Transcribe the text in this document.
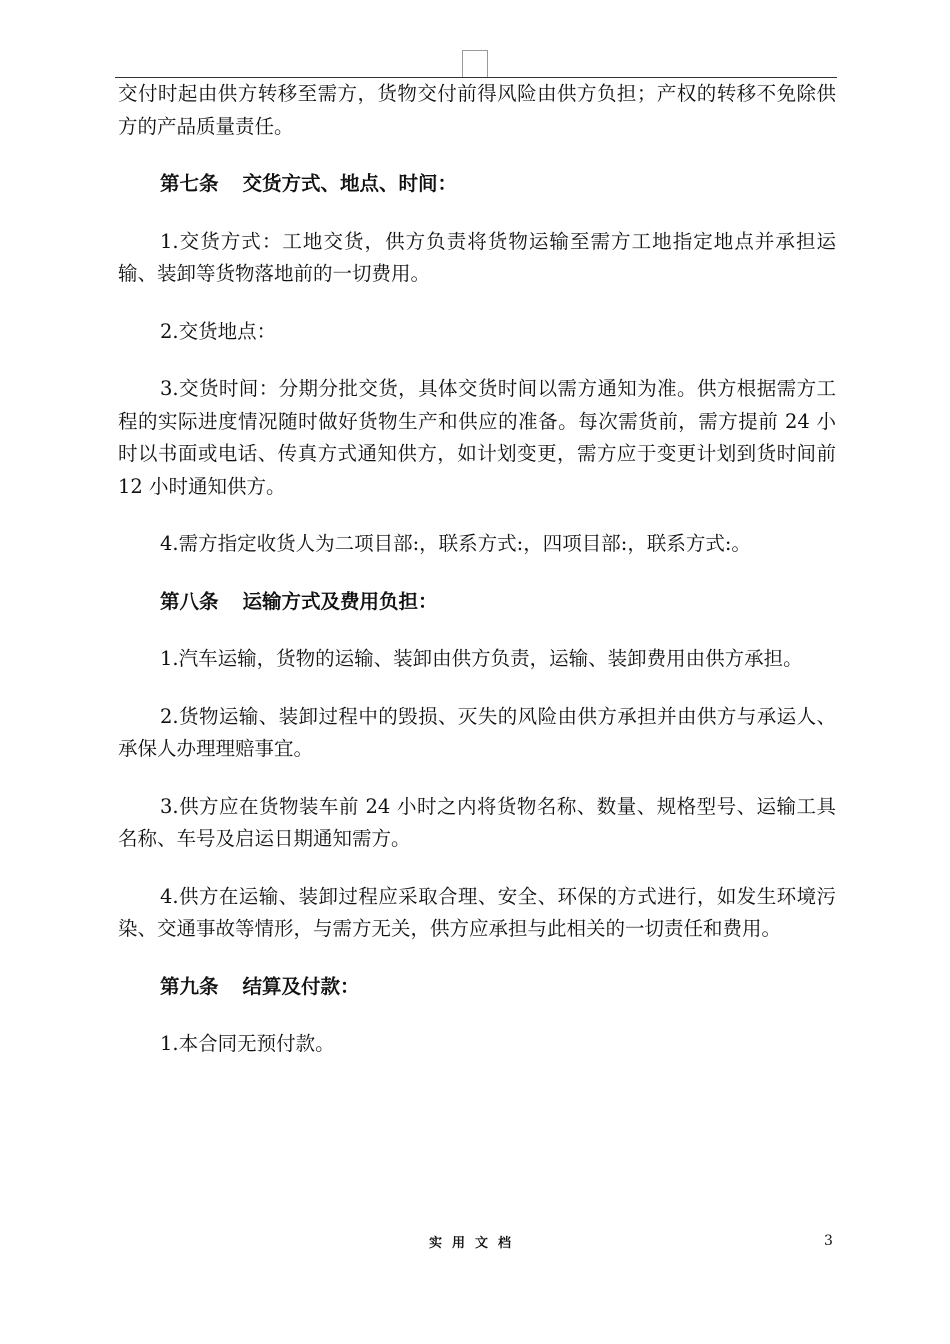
交付时起由供方转移至需方，货物交付前得风险由供方负担；产权的转移不免除供方的产品质量责任。

第七条 交货方式、地点、时间：

1.交货方式：工地交货，供方负责将货物运输至需方工地指定地点并承担运输、装卸等货物落地前的一切费用。

2.交货地点：

3.交货时间：分期分批交货，具体交货时间以需方通知为准。供方根据需方工程的实际进度情况随时做好货物生产和供应的准备。每次需货前，需方提前 24 小时以书面或电话、传真方式通知供方，如计划变更，需方应于变更计划到货时间前 12 小时通知供方。

4.需方指定收货人为二项目部:，联系方式:，四项目部:，联系方式:。

第八条 运输方式及费用负担：

1.汽车运输，货物的运输、装卸由供方负责，运输、装卸费用由供方承担。

2.货物运输、装卸过程中的毁损、灭失的风险由供方承担并由供方与承运人、承保人办理理赔事宜。

3.供方应在货物装车前 24 小时之内将货物名称、数量、规格型号、运输工具名称、车号及启运日期通知需方。

4.供方在运输、装卸过程应采取合理、安全、环保的方式进行，如发生环境污染、交通事故等情形，与需方无关，供方应承担与此相关的一切责任和费用。

第九条 结算及付款：

1.本合同无预付款。

实用文档	3
